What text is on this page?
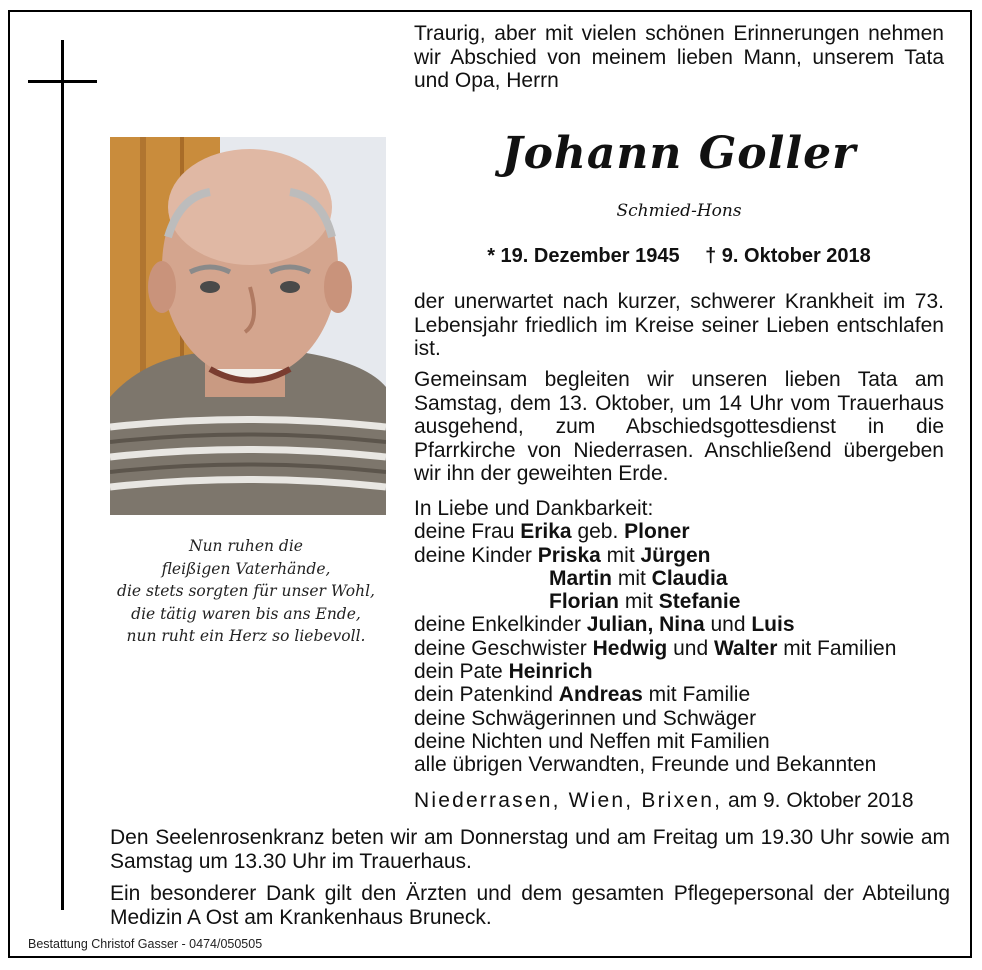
Traurig, aber mit vielen schönen Erinnerungen nehmen wir Abschied von meinem lieben Mann, unserem Tata und Opa, Herrn
Johann Goller
Schmied-Hons
* 19. Dezember 1945 † 9. Oktober 2018
der unerwartet nach kurzer, schwerer Krankheit im 73. Lebensjahr friedlich im Kreise seiner Lieben entschlafen ist.
Gemeinsam begleiten wir unseren lieben Tata am Samstag, dem 13. Oktober, um 14 Uhr vom Trauerhaus ausgehend, zum Abschiedsgottesdienst in die Pfarrkirche von Niederrasen. Anschließend übergeben wir ihn der geweihten Erde.
Nun ruhen die
fleißigen Vaterhände,
die stets sorgten für unser Wohl,
die tätig waren bis ans Ende,
nun ruht ein Herz so liebevoll.
In Liebe und Dankbarkeit:
deine Frau Erika geb. Ploner
deine Kinder Priska mit Jürgen
Martin mit Claudia
Florian mit Stefanie
deine Enkelkinder Julian, Nina und Luis
deine Geschwister Hedwig und Walter mit Familien
dein Pate Heinrich
dein Patenkind Andreas mit Familie
deine Schwägerinnen und Schwäger
deine Nichten und Neffen mit Familien
alle übrigen Verwandten, Freunde und Bekannten
Niederrasen, Wien, Brixen, am 9. Oktober 2018
Den Seelenrosenkranz beten wir am Donnerstag und am Freitag um 19.30 Uhr sowie am Samstag um 13.30 Uhr im Trauerhaus.
Ein besonderer Dank gilt den Ärzten und dem gesamten Pflegepersonal der Abteilung Medizin A Ost am Krankenhaus Bruneck.
Bestattung Christof Gasser - 0474/050505
